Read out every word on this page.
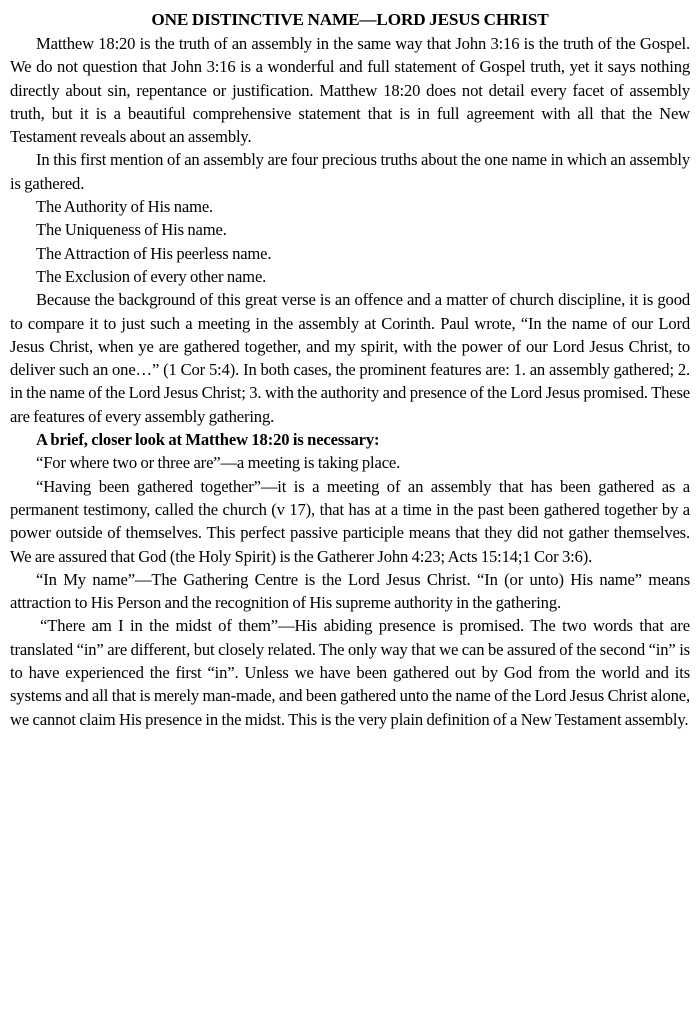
ONE DISTINCTIVE NAME—LORD JESUS CHRIST

Matthew 18:20 is the truth of an assembly in the same way that John 3:16 is the truth of the Gospel. We do not question that John 3:16 is a wonderful and full statement of Gospel truth, yet it says nothing directly about sin, repentance or justification. Matthew 18:20 does not detail every facet of assembly truth, but it is a beautiful comprehensive statement that is in full agreement with all that the New Testament reveals about an assembly.

In this first mention of an assembly are four precious truths about the one name in which an assembly is gathered.

The Authority of His name.

The Uniqueness of His name.

The Attraction of His peerless name.

The Exclusion of every other name.

Because the background of this great verse is an offence and a matter of church discipline, it is good to compare it to just such a meeting in the assembly at Corinth. Paul wrote, “In the name of our Lord Jesus Christ, when ye are gathered together, and my spirit, with the power of our Lord Jesus Christ, to deliver such an one…” (1 Cor 5:4). In both cases, the prominent features are: 1. an assembly gathered; 2. in the name of the Lord Jesus Christ; 3. with the authority and presence of the Lord Jesus promised. These are features of every assembly gathering.

A brief, closer look at Matthew 18:20 is necessary:

“For where two or three are”—a meeting is taking place.

“Having been gathered together”—it is a meeting of an assembly that has been gathered as a permanent testimony, called the church (v 17), that has at a time in the past been gathered together by a power outside of themselves. This perfect passive participle means that they did not gather themselves. We are assured that God (the Holy Spirit) is the Gatherer John 4:23; Acts 15:14;1 Cor 3:6).

“In My name”—The Gathering Centre is the Lord Jesus Christ. “In (or unto) His name” means attraction to His Person and the recognition of His supreme authority in the gathering.

“There am I in the midst of them”—His abiding presence is promised. The two words that are translated “in” are different, but closely related. The only way that we can be assured of the second “in” is to have experienced the first “in”. Unless we have been gathered out by God from the world and its systems and all that is merely man-made, and been gathered unto the name of the Lord Jesus Christ alone, we cannot claim His presence in the midst. This is the very plain definition of a New Testament assembly.
